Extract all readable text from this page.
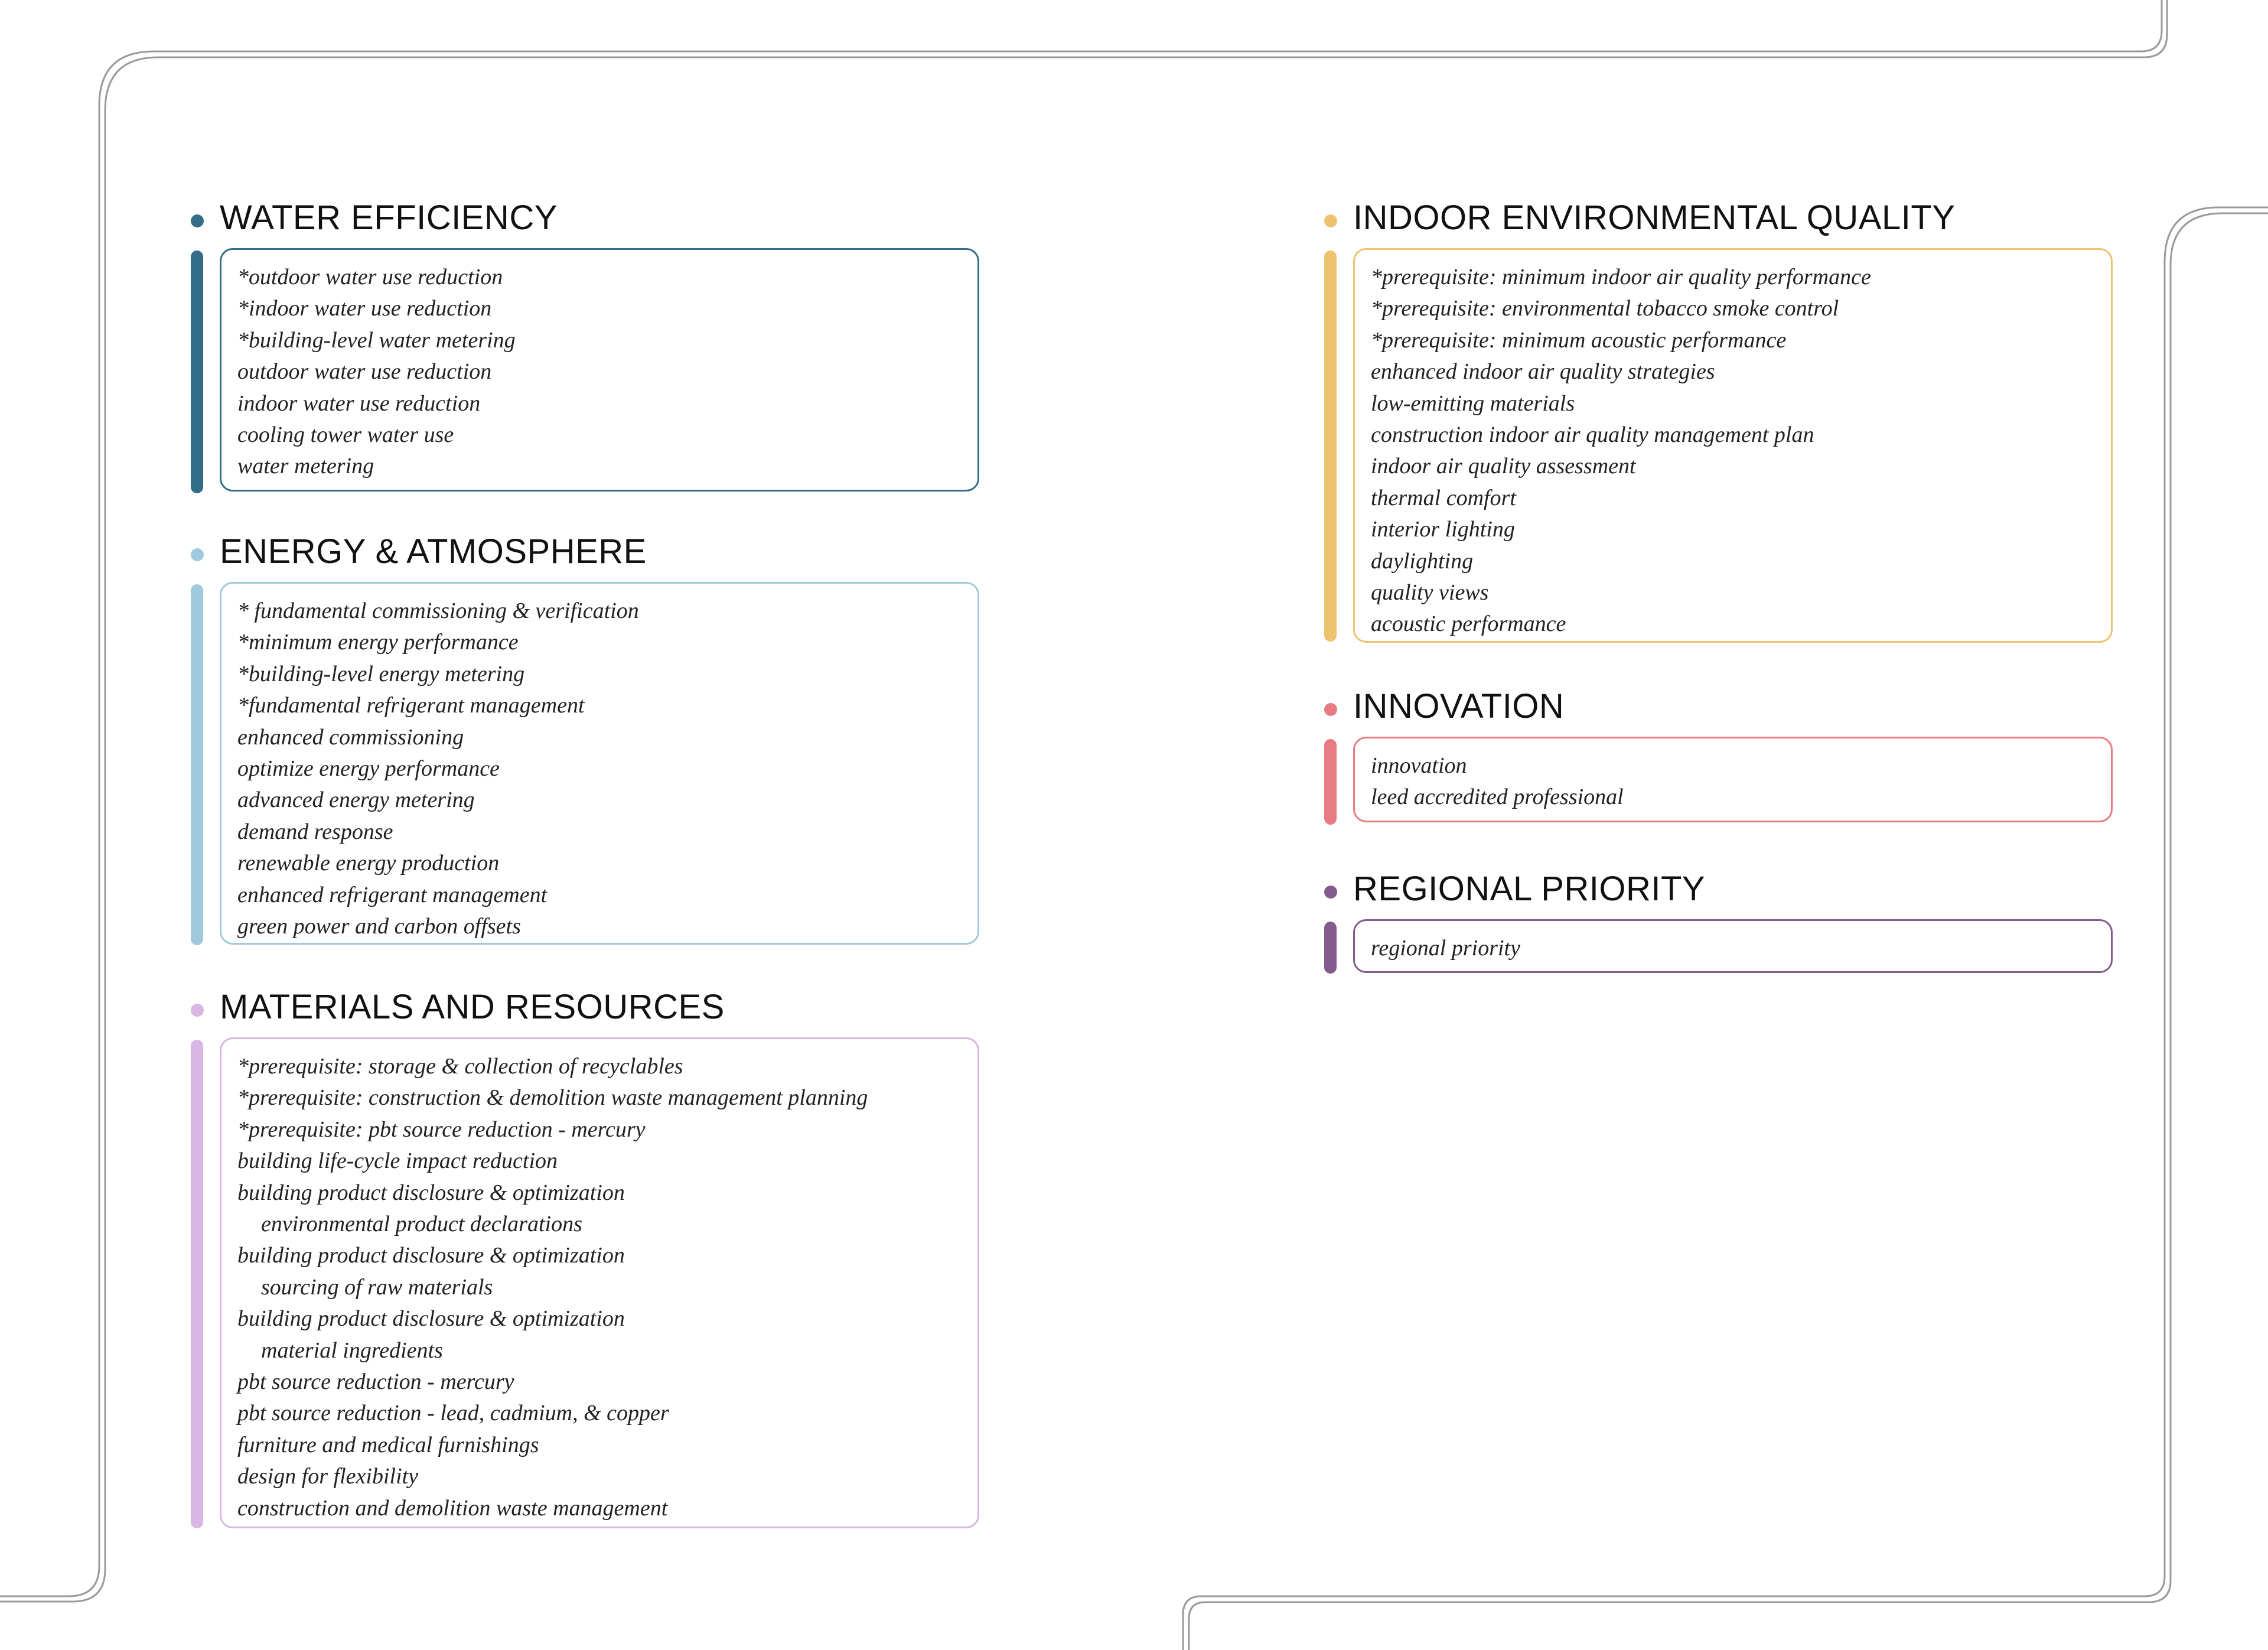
WATER EFFICIENCY
*outdoor water use reduction
*indoor water use reduction
*building-level water metering
outdoor water use reduction
indoor water use reduction
cooling tower water use
water metering
ENERGY & ATMOSPHERE
* fundamental commissioning & verification
*minimum energy performance
*building-level energy metering
*fundamental refrigerant management
enhanced commissioning
optimize energy performance
advanced energy metering
demand response
renewable energy production
enhanced refrigerant management
green power and carbon offsets
MATERIALS AND RESOURCES
*prerequisite: storage & collection of recyclables
*prerequisite: construction & demolition waste management planning
*prerequisite: pbt source reduction - mercury
building life-cycle impact reduction
building product disclosure & optimization
environmental product declarations
building product disclosure & optimization
sourcing of raw materials
building product disclosure & optimization
material ingredients
pbt source reduction - mercury
pbt source reduction - lead, cadmium, & copper
furniture and medical furnishings
design for flexibility
construction and demolition waste management
INDOOR ENVIRONMENTAL QUALITY
*prerequisite: minimum indoor air quality performance
*prerequisite: environmental tobacco smoke control
*prerequisite: minimum acoustic performance
enhanced indoor air quality strategies
low-emitting materials
construction indoor air quality management plan
indoor air quality assessment
thermal comfort
interior lighting
daylighting
quality views
acoustic performance
INNOVATION
innovation
leed accredited professional
REGIONAL PRIORITY
regional priority
